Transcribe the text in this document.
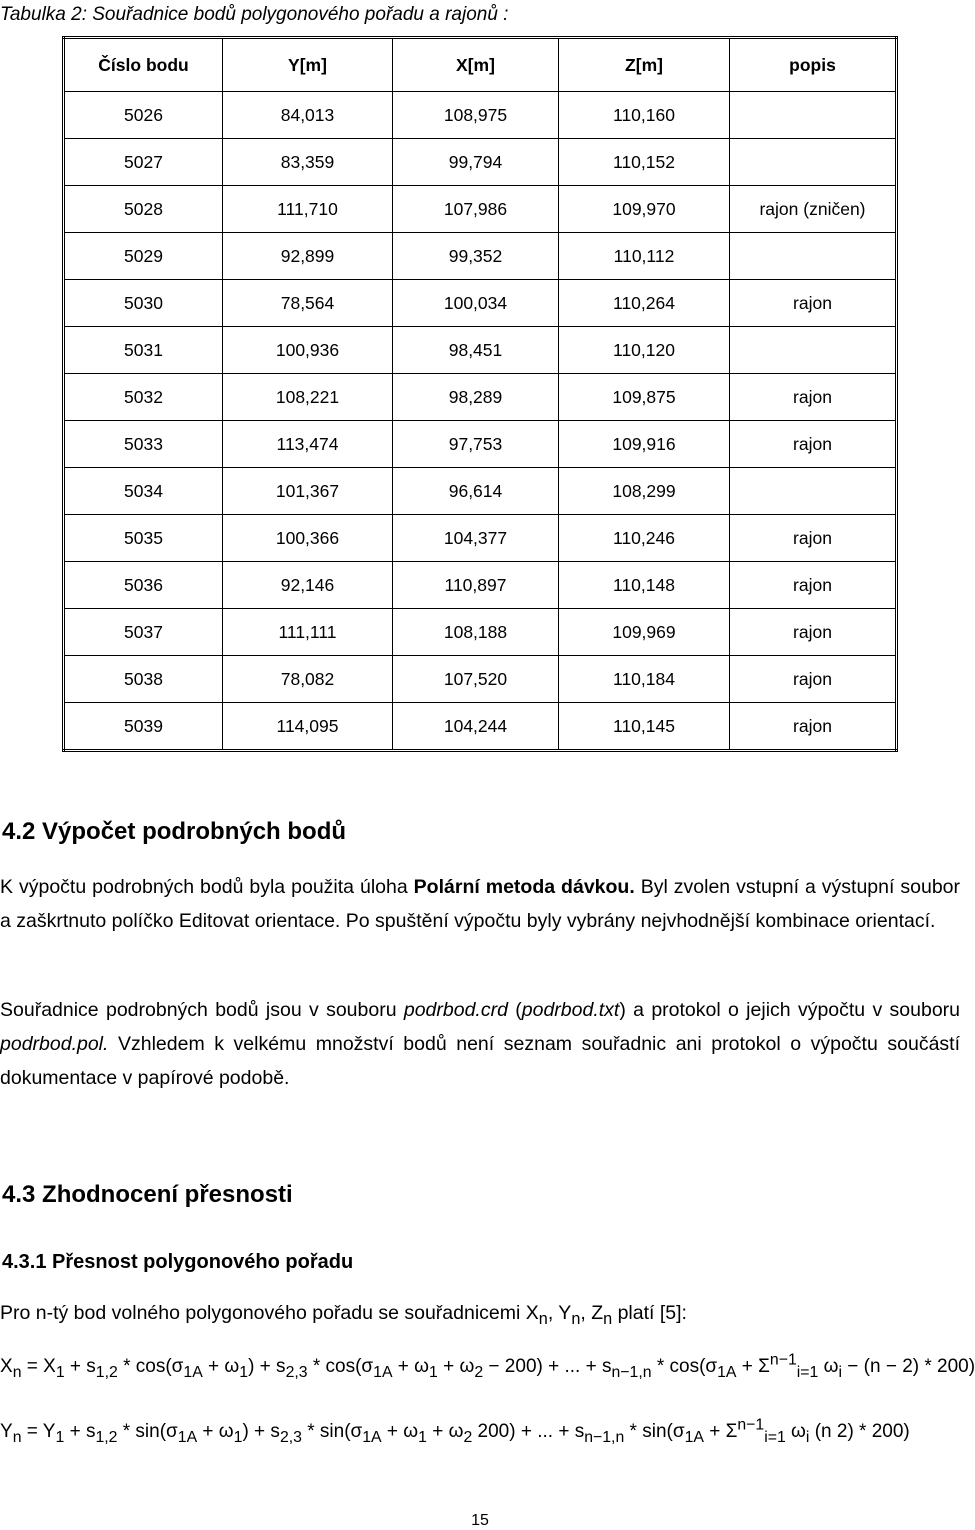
Tabulka 2: Souřadnice bodů polygonového pořadu a rajonů :
Číslo bodu	Y[m]	X[m]	Z[m]	popis
5026	84,013	108,975	110,160	
5027	83,359	99,794	110,152	
5028	111,710	107,986	109,970	rajon (zničen)
5029	92,899	99,352	110,112	
5030	78,564	100,034	110,264	rajon
5031	100,936	98,451	110,120	
5032	108,221	98,289	109,875	rajon
5033	113,474	97,753	109,916	rajon
5034	101,367	96,614	108,299	
5035	100,366	104,377	110,246	rajon
5036	92,146	110,897	110,148	rajon
5037	111,111	108,188	109,969	rajon
5038	78,082	107,520	110,184	rajon
5039	114,095	104,244	110,145	rajon
4.2 Výpočet podrobných bodů

K výpočtu podrobných bodů byla použita úloha Polární metoda dávkou. Byl zvolen vstupní a výstupní soubor a zaškrtnuto políčko Editovat orientace. Po spuštění výpočtu byly vybrány nejvhodnější kombinace orientací.

Souřadnice podrobných bodů jsou v souboru podrbod.crd (podrbod.txt) a protokol o jejich výpočtu v souboru podrbod.pol. Vzhledem k velkému množství bodů není seznam souřadnic ani protokol o výpočtu součástí dokumentace v papírové podobě.

4.3 Zhodnocení přesnosti
4.3.1 Přesnost polygonového pořadu

Pro n-tý bod volného polygonového pořadu se souřadnicemi $X_n$, $Y_n$, $Z_n$ platí [5]:

$X_n = X_1 + s_{1,2} * \cos(\sigma_{1A} + \omega_1) + s_{2,3} * \cos(\sigma_{1A} + \omega_1 + \omega_2 - 200)$ + ... + $s_{n-1,n} * \cos(\sigma_{1A} + \Sigma^{n-1}_{i=1}$ $\omega_i - (n - 2) * 200$)
$Y_n = Y_1 + s_{1,2} * \sin(\sigma_{1A} + \omega_1) + s_{2,3} * \sin(\sigma_{1A} + \omega_1 + \omega_2$ 200) + ... + $s_{n-1,n} * \sin(\sigma_{1A} + \Sigma^{n-1}_{i=1}$ $\omega_i$ (n 2) * 200)
15
